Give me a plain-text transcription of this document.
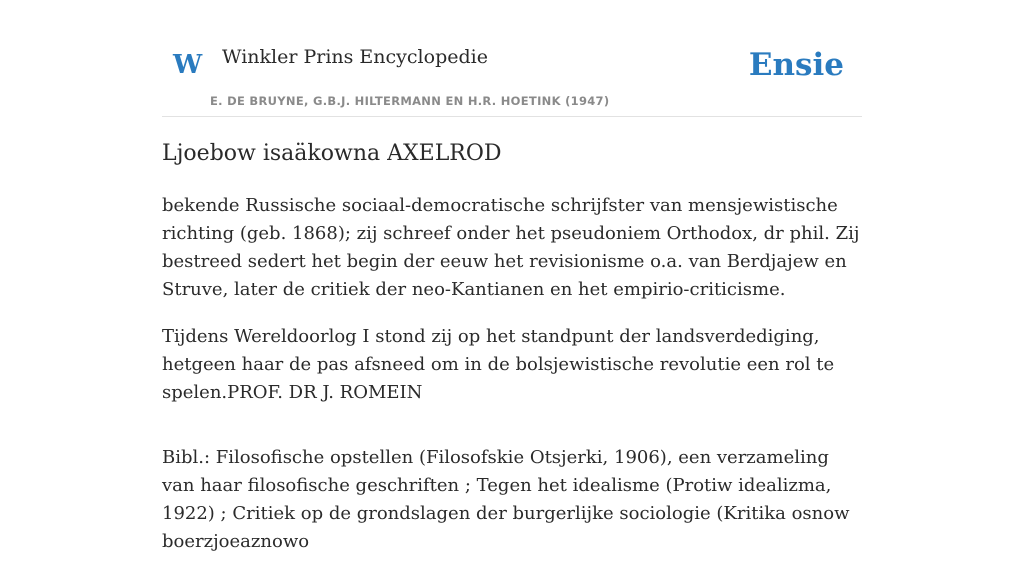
W Winkler Prins Encyclopedie
E. DE BRUYNE, G.B.J. HILTERMANN EN H.R. HOETINK (1947)
Ensie
Ljoebow isaäkowna AXELROD

bekende Russische sociaal-democratische schrijfster van mensjewistische richting (geb. 1868); zij schreef onder het pseudoniem Orthodox, dr phil. Zij bestreed sedert het begin der eeuw het revisionisme o.a. van Berdjajew en Struve, later de critiek der neo-Kantianen en het empirio-criticisme.

Tijdens Wereldoorlog I stond zij op het standpunt der landsverdediging, hetgeen haar de pas afsneed om in de bolsjewistische revolutie een rol te spelen.PROF. DR J. ROMEIN

Bibl.: Filosofische opstellen (Filosofskie Otsjerki, 1906), een verzameling van haar filosofische geschriften ; Tegen het idealisme (Protiw idealizma, 1922) ; Critiek op de grondslagen der burgerlijke sociologie (Kritika osnow boerzjoeaznowo
